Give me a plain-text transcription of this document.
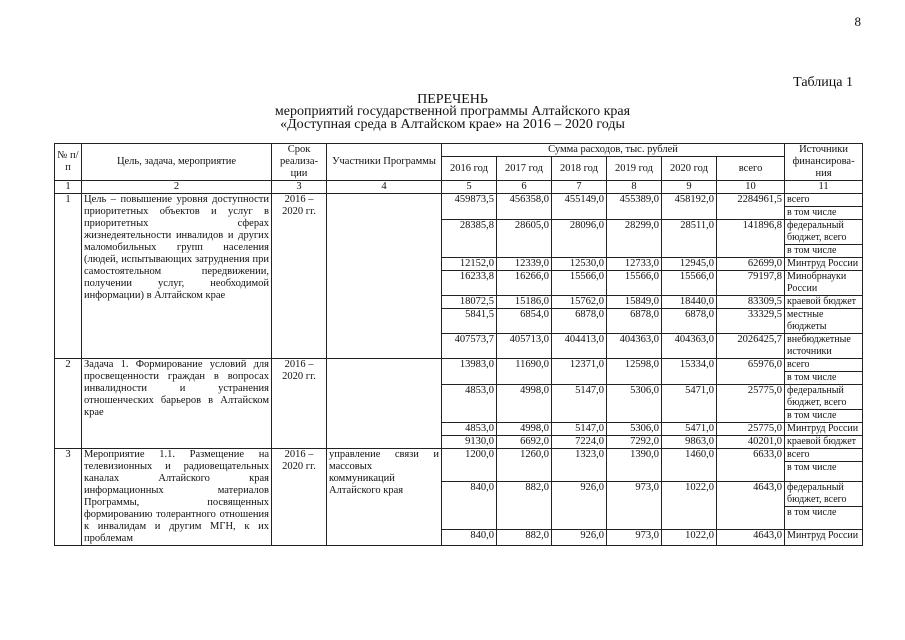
8
Таблица 1
ПЕРЕЧЕНЬ
мероприятий государственной программы Алтайского края
«Доступная среда в Алтайском крае» на 2016 – 2020 годы
№ п/п	Цель, задача, мероприятие	Срок реализа-ции	Участники Программы	Сумма расходов, тыс. рублей						Источники финансирова-ния
				2016 год	2017 год	2018 год	2019 год	2020 год	всего	
1	2	3	4	5	6	7	8	9	10	11
1	Цель – повышение уровня доступности приоритетных объектов и услуг в приоритетных сферах жизнедеятельности инвалидов и других маломобильных групп населения (людей, испытывающих затруднения при самостоятельном передвижении, получении услуг, необходимой информации) в Алтайском крае	2016 – 2020 гг.		459873,5	456358,0	455149,0	455389,0	458192,0	2284961,5	всего
в том числе

				28385,8	28605,0	28096,0	28299,0	28511,0	141896,8	федеральный бюджет, всего
в том числе

				12152,0	12339,0	12530,0	12733,0	12945,0	62699,0	Минтруд России

				16233,8	16266,0	15566,0	15566,0	15566,0	79197,8	Минобрнауки России

				18072,5	15186,0	15762,0	15849,0	18440,0	83309,5	краевой бюджет

				5841,5	6854,0	6878,0	6878,0	6878,0	33329,5	местные бюджеты

				407573,7	405713,0	404413,0	404363,0	404363,0	2026425,7	внебюджетные источники

2	Задача 1. Формирование условий для просвещенности граждан в вопросах инвалидности и устранения отношенческих барьеров в Алтайском крае	2016 – 2020 гг.		13983,0	11690,0	12371,0	12598,0	15334,0	65976,0	всего
в том числе

				4853,0	4998,0	5147,0	5306,0	5471,0	25775,0	федеральный бюджет, всего
в том числе

				4853,0	4998,0	5147,0	5306,0	5471,0	25775,0	Минтруд России

				9130,0	6692,0	7224,0	7292,0	9863,0	40201,0	краевой бюджет

3	Мероприятие 1.1. Размещение на телевизионных и радиовещательных каналах Алтайского края информационных материалов Программы, посвященных формированию толерантного отношения к инвалидам и другим МГН, к их проблемам	2016 – 2020 гг.	управление связи и массовых коммуникаций Алтайского края	1200,0	1260,0	1323,0	1390,0	1460,0	6633,0	всего
в том числе

				840,0	882,0	926,0	973,0	1022,0	4643,0	федеральный бюджет, всего
в том числе

				840,0	882,0	926,0	973,0	1022,0	4643,0	Минтруд России
